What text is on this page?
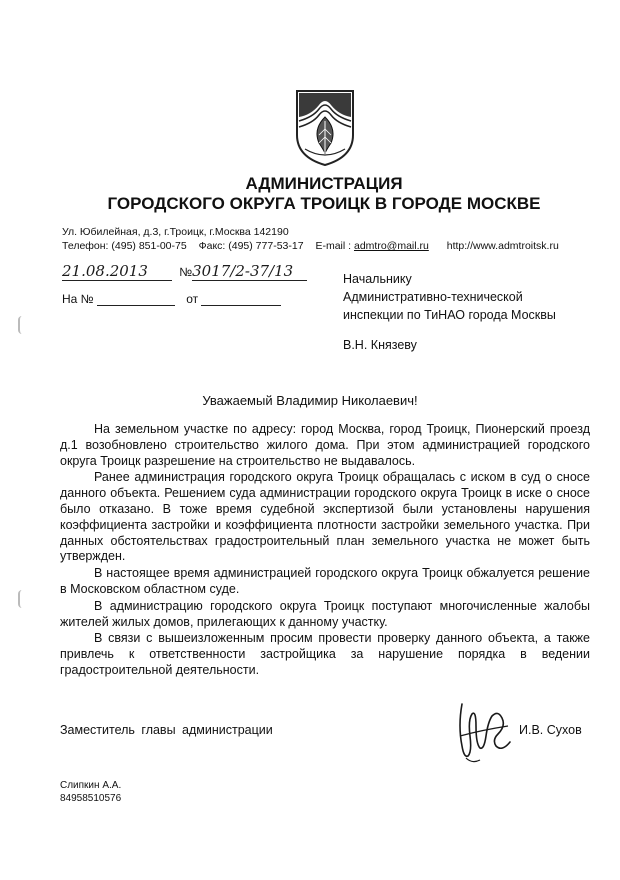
АДМИНИСТРАЦИЯ
ГОРОДСКОГО ОКРУГА ТРОИЦК В ГОРОДЕ МОСКВЕ
Ул. Юбилейная, д.3, г.Троицк, г.Москва 142190
Телефон: (495) 851-00-75 Факс: (495) 777-53-17 E-mail : admtro@mail.ru http://www.admtroitsk.ru
21.08.2013	№3017/2-37/13
На №	от
Начальнику
Административно-технической
инспекции по ТиНАО города Москвы
В.Н. Князеву
Уважаемый Владимир Николаевич!

На земельном участке по адресу: город Москва, город Троицк, Пионерский проезд д.1 возобновлено строительство жилого дома. При этом администрацией городского округа Троицк разрешение на строительство не выдавалось.

Ранее администрация городского округа Троицк обращалась с иском в суд о сносе данного объекта. Решением суда администрации городского округа Троицк в иске о сносе было отказано. В тоже время судебной экспертизой были установлены нарушения коэффициента застройки и коэффициента плотности застройки земельного участка. При данных обстоятельствах градостроительный план земельного участка не может быть утвержден.

В настоящее время администрацией городского округа Троицк обжалуется решение в Московском областном суде.

В администрацию городского округа Троицк поступают многочисленные жалобы жителей жилых домов, прилегающих к данному участку.

В связи с вышеизложенным просим провести проверку данного объекта, а также привлечь к ответственности застройщика за нарушение порядка в ведении градостроительной деятельности.

Заместитель главы администрации	И.В. Сухов
Слипкин А.А.
84958510576
